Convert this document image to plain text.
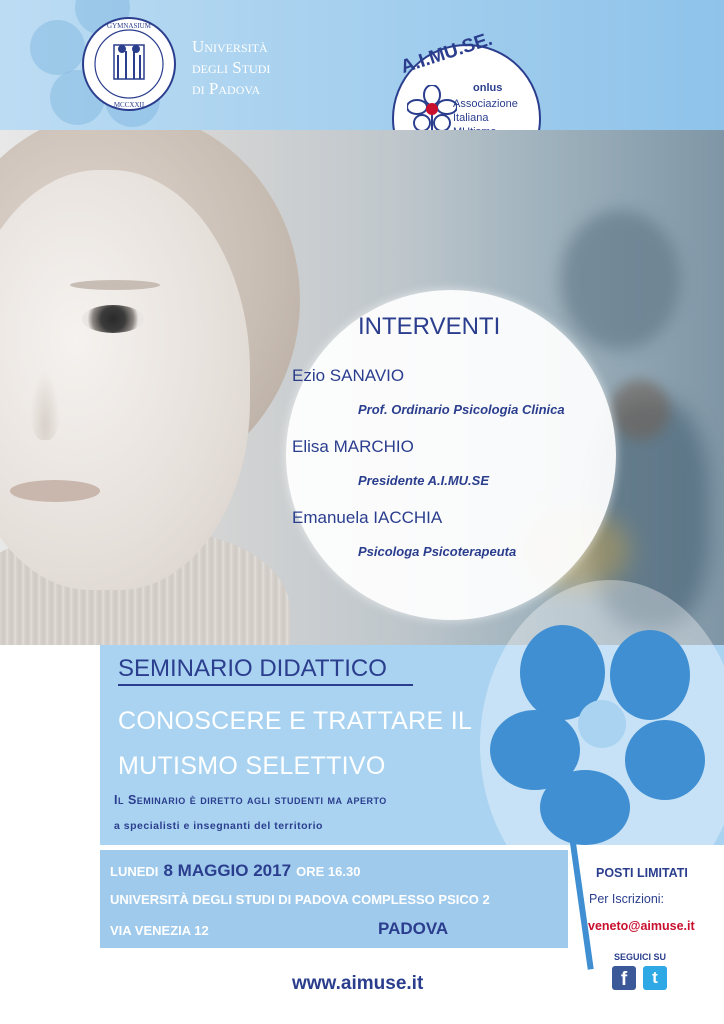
GYMNASIUM
MCCXXII
Università
degli Studi
di Padova
A.I.MU.SE.
onlus
Associazione
Italiana
INTERVENTI
Ezio SANAVIO
Prof. Ordinario Psicologia Clinica
Elisa MARCHIO
Presidente A.I.MU.SE
Emanuela IACCHIA
Psicologa Psicoterapeuta
SEMINARIO DIDATTICO
CONOSCERE E TRATTARE IL
MUTISMO SELETTIVO
Il Seminario è diretto agli studenti ma aperto
a specialisti e insegnanti del territorio
LUNEDI 8 MAGGIO 2017 ORE 16.30
UNIVERSITÀ DEGLI STUDI DI PADOVA COMPLESSO PSICO 2
VIA VENEZIA 12	PADOVA
POSTI LIMITATI
Per Iscrizioni:
veneto@aimuse.it
www.aimuse.it
SEGUICI SU
f	t
